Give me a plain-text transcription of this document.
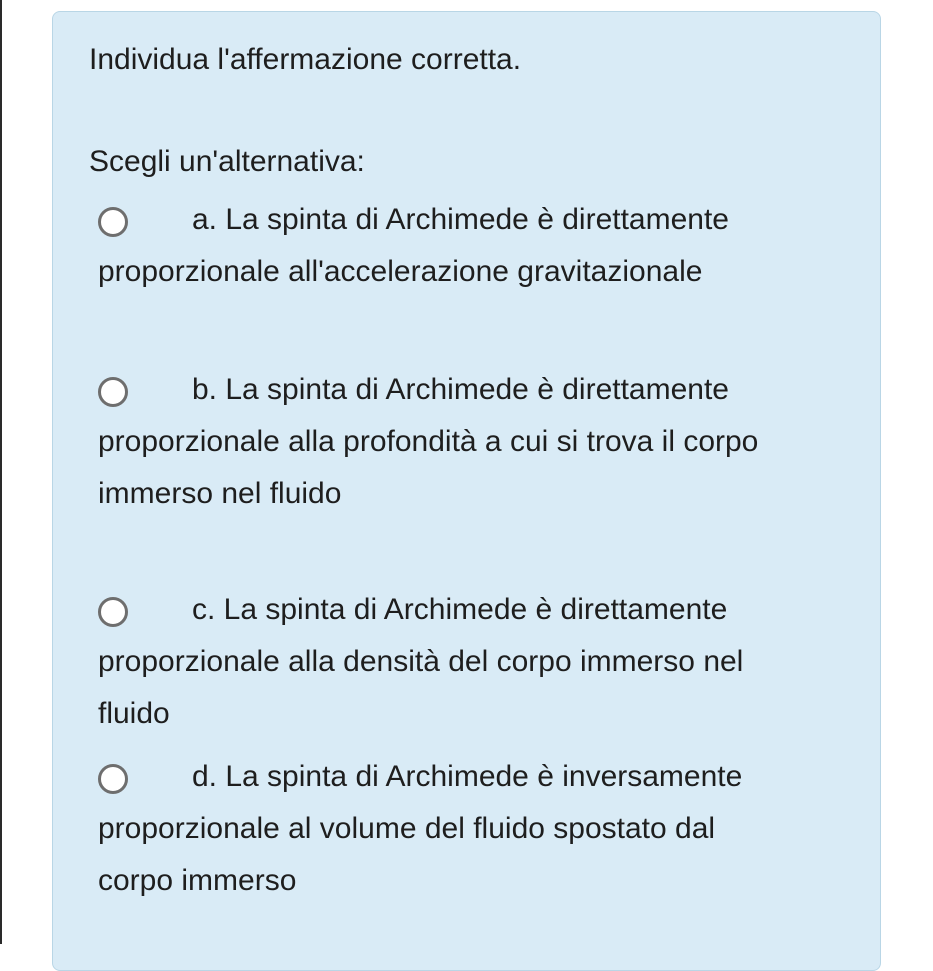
Individua l'affermazione corretta.

Scegli un'alternativa:

a. La spinta di Archimede è direttamente proporzionale all'accelerazione gravitazionale
b. La spinta di Archimede è direttamente proporzionale alla profondità a cui si trova il corpo immerso nel fluido
c. La spinta di Archimede è direttamente proporzionale alla densità del corpo immerso nel fluido
d. La spinta di Archimede è inversamente proporzionale al volume del fluido spostato dal corpo immerso
